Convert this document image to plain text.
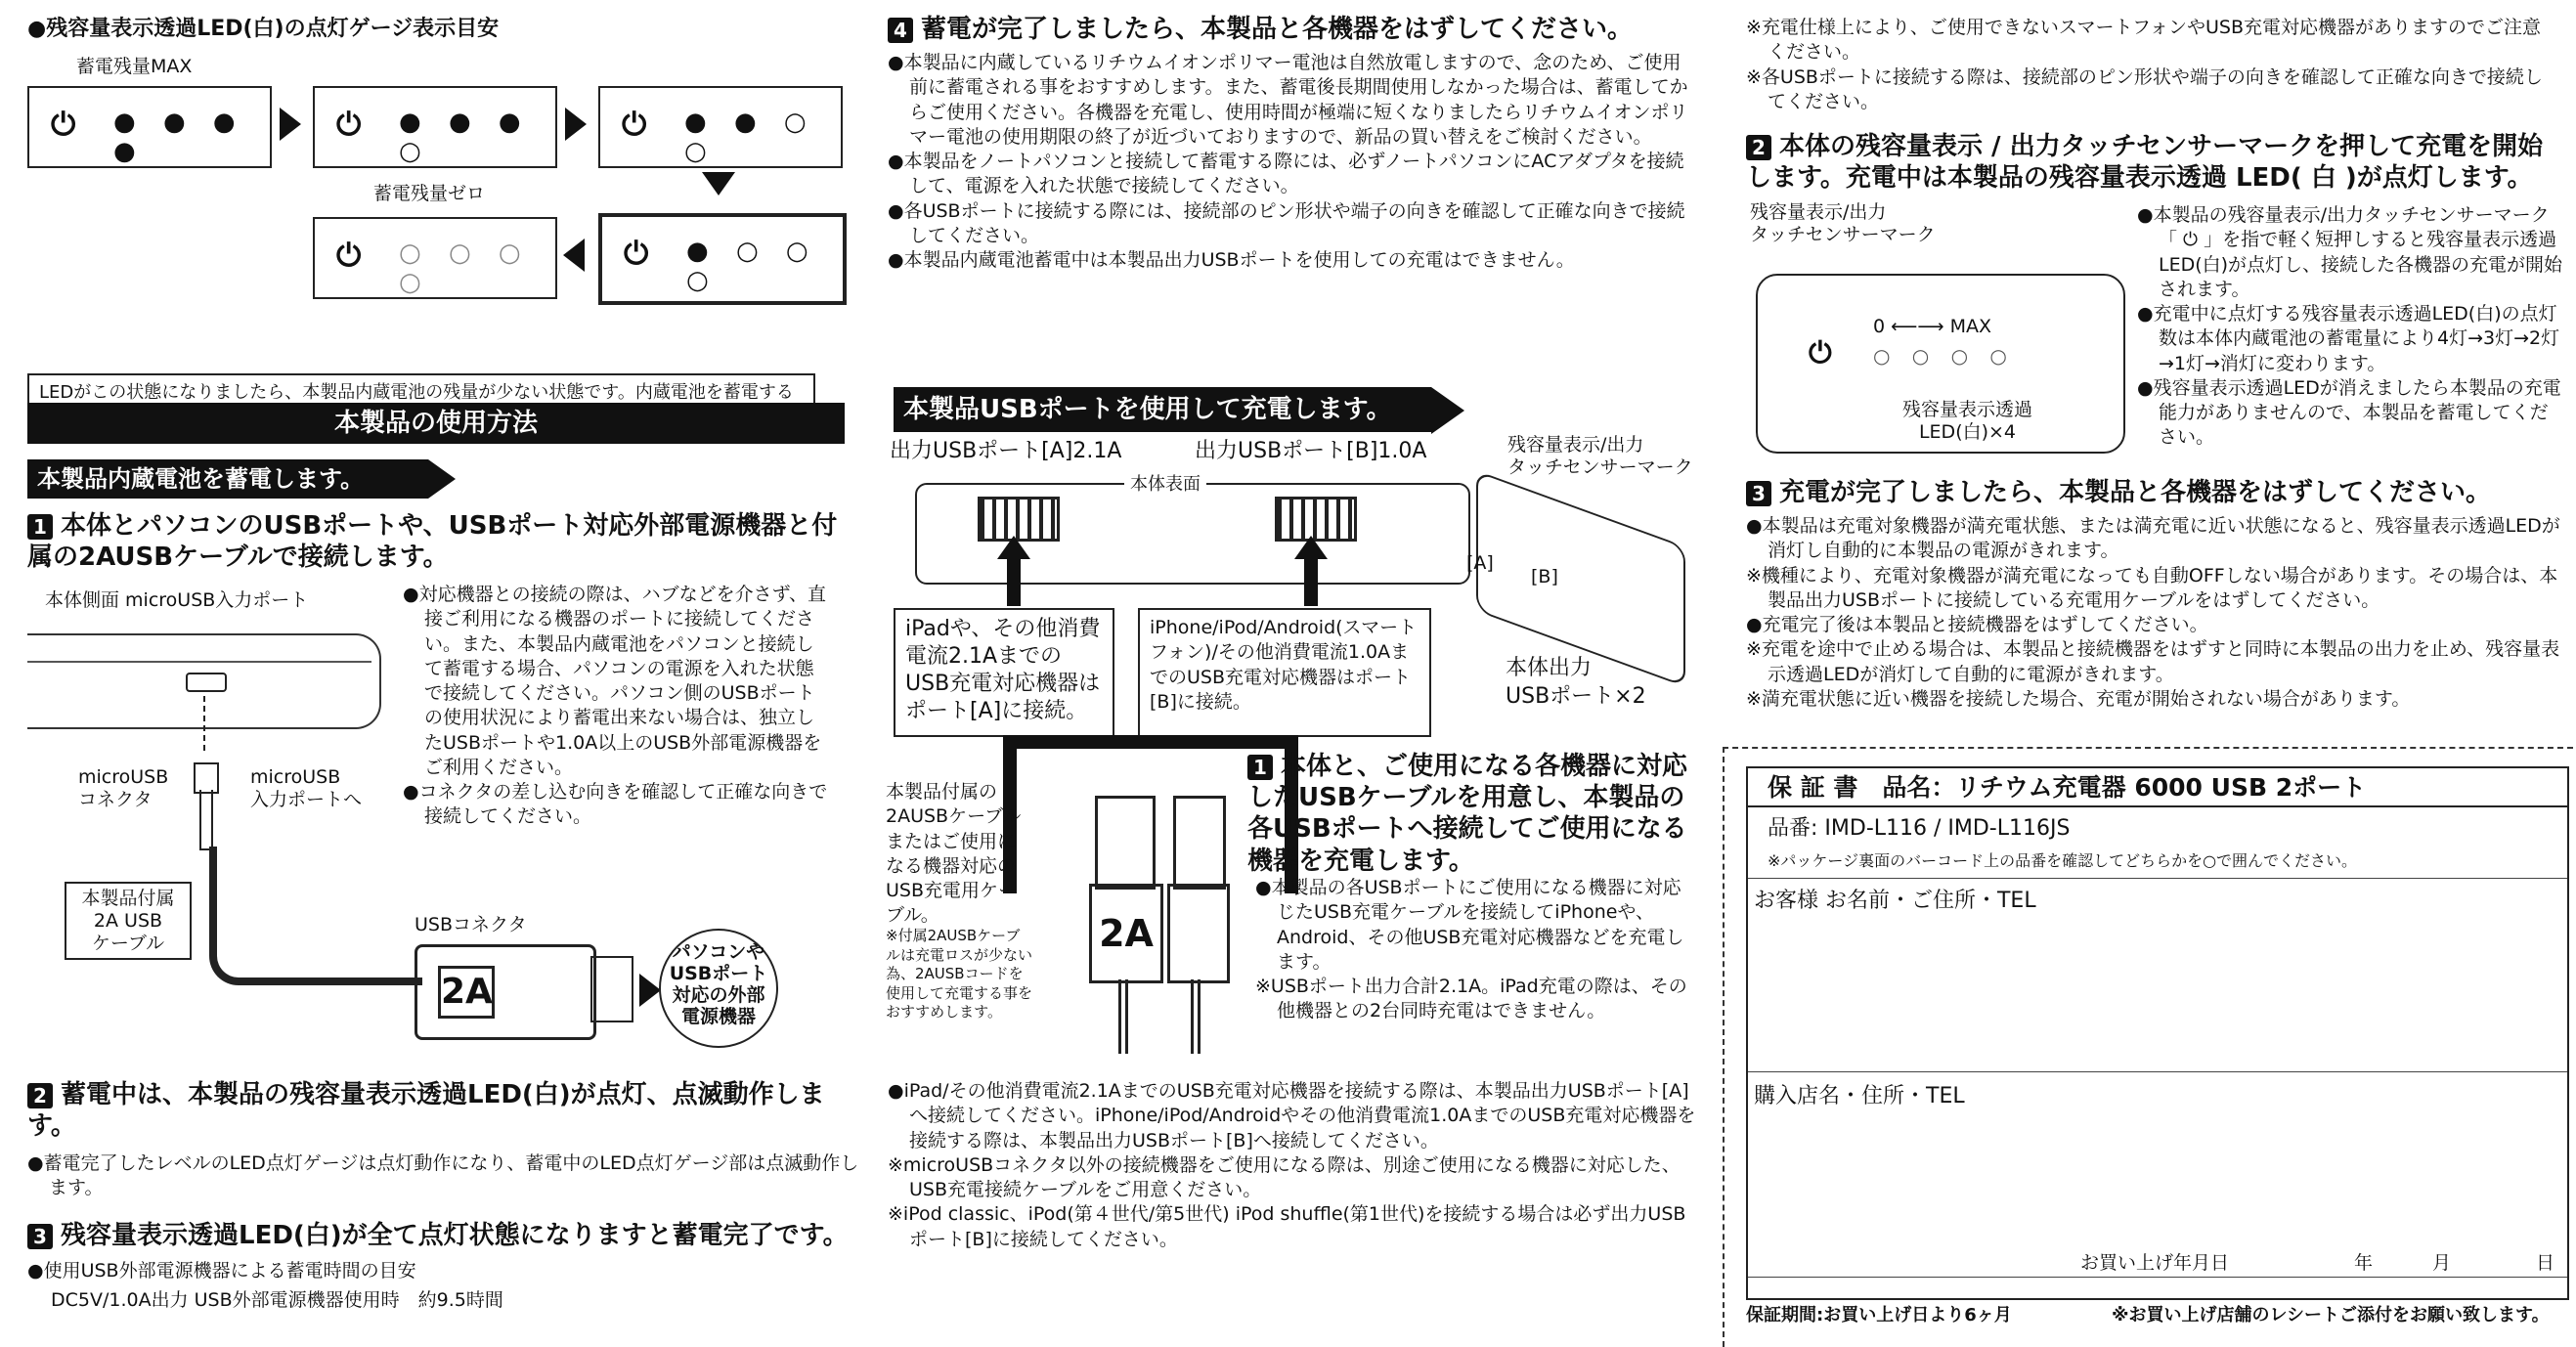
●残容量表示透過LED(白)の点灯ゲージ表示目安
蓄電残量MAX
⏻ ● ● ● ●
⏻ ● ● ● ○
⏻ ● ● ○ ○
蓄電残量ゼロ
⏻ ○ ○ ○ ○
⏻ ● ○ ○ ○
LEDがこの状態になりましたら、本製品内蔵電池の残量が少ない状態です。内蔵電池を蓄電する
本製品の使用方法
本製品内蔵電池を蓄電します。
1 本体とパソコンのUSBポートや、USBポート対応外部電源機器と付属の2AUSBケーブルで接続します。
本体側面 microUSB入力ポート
microUSB
コネクタ
microUSB
入力ポートへ
本製品付属
2A USB
ケーブル
USBコネクタ
2A
パソコンや
USBポート
対応の外部
電源機器
●対応機器との接続の際は、ハブなどを介さず、直接ご利用になる機器のポートに接続してください。また、本製品内蔵電池をパソコンと接続して蓄電する場合、パソコンの電源を入れた状態で接続してください。パソコン側のUSBポートの使用状況により蓄電出来ない場合は、独立したUSBポートや1.0A以上のUSB外部電源機器をご利用ください。
●コネクタの差し込む向きを確認して正確な向きで接続してください。
2 蓄電中は、本製品の残容量表示透過LED(白)が点灯、点滅動作します。
●蓄電完了したレベルのLED点灯ゲージは点灯動作になり、蓄電中のLED点灯ゲージ部は点滅動作します。
3 残容量表示透過LED(白)が全て点灯状態になりますと蓄電完了です。
●使用USB外部電源機器による蓄電時間の目安
DC5V/1.0A出力 USB外部電源機器使用時　約9.5時間
4 蓄電が完了しましたら、本製品と各機器をはずしてください。
●本製品に内蔵しているリチウムイオンポリマー電池は自然放電しますので、念のため、ご使用前に蓄電される事をおすすめします。また、蓄電後長期間使用しなかった場合は、蓄電してからご使用ください。各機器を充電し、使用時間が極端に短くなりましたらリチウムイオンポリマー電池の使用期限の終了が近づいておりますので、新品の買い替えをご検討ください。
●本製品をノートパソコンと接続して蓄電する際には、必ずノートパソコンにACアダプタを接続して、電源を入れた状態で接続してください。
●各USBポートに接続する際には、接続部のピン形状や端子の向きを確認して正確な向きで接続してください。
●本製品内蔵電池蓄電中は本製品出力USBポートを使用しての充電はできません。
本製品USBポートを使用して充電します。
出力USBポート[A]2.1A	出力USBポート[B]1.0A	残容量表示/出力
タッチセンサーマーク
本体表面
iPadや、その他消費電流2.1AまでのUSB充電対応機器はポート[A]に接続。
iPhone/iPod/Android(スマートフォン)/その他消費電流1.0AまでのUSB充電対応機器はポート[B]に接続。
[A]
[B]
本体出力
USBポート×2
本製品付属の2AUSBケーブルまたはご使用になる機器対応のUSB充電用ケーブル。
※付属2AUSBケーブルは充電ロスが少ない為、2AUSBコードを使用して充電する事をおすすめします。
2A
1 本体と、ご使用になる各機器に対応したUSBケーブルを用意し、本製品の各USBポートへ接続してご使用になる機器を充電します。
●本製品の各USBポートにご使用になる機器に対応じたUSB充電ケーブルを接続してiPhoneや、Android、その他USB充電対応機器などを充電します。
※USBポート出力合計2.1A。iPad充電の際は、その他機器との2台同時充電はできません。
●iPad/その他消費電流2.1AまでのUSB充電対応機器を接続する際は、本製品出力USBポート[A]へ接続してください。iPhone/iPod/Androidやその他消費電流1.0AまでのUSB充電対応機器を接続する際は、本製品出力USBポート[B]へ接続してください。
※microUSBコネクタ以外の接続機器をご使用になる際は、別途ご使用になる機器に対応した、USB充電接続ケーブルをご用意ください。
※iPod classic、iPod(第４世代/第5世代) iPod shuffle(第1世代)を接続する場合は必ず出力USBポート[B]に接続してください。
※充電仕様上により、ご使用できないスマートフォンやUSB充電対応機器がありますのでご注意ください。
※各USBポートに接続する際は、接続部のピン形状や端子の向きを確認して正確な向きで接続してください。
2 本体の残容量表示 / 出力タッチセンサーマークを押して充電を開始します。充電中は本製品の残容量表示透過 LED( 白 )が点灯します。
残容量表示/出力
タッチセンサーマーク
⏻
0 ⟵⟶ MAX
○ ○ ○ ○
残容量表示透過
LED(白)×4
●本製品の残容量表示/出力タッチセンサーマーク「 ⏻ 」を指で軽く短押しすると残容量表示透過LED(白)が点灯し、接続した各機器の充電が開始されます。
●充電中に点灯する残容量表示透過LED(白)の点灯数は本体内蔵電池の蓄電量により4灯→3灯→2灯→1灯→消灯に変わります。
●残容量表示透過LEDが消えましたら本製品の充電能力がありませんので、本製品を蓄電してください。
3 充電が完了しましたら、本製品と各機器をはずしてください。
●本製品は充電対象機器が満充電状態、または満充電に近い状態になると、残容量表示透過LEDが消灯し自動的に本製品の電源がきれます。
※機種により、充電対象機器が満充電になっても自動OFFしない場合があります。その場合は、本製品出力USBポートに接続している充電用ケーブルをはずしてください。
●充電完了後は本製品と接続機器をはずしてください。
※充電を途中で止める場合は、本製品と接続機器をはずすと同時に本製品の出力を止め、残容量表示透過LEDが消灯して自動的に電源がきれます。
※満充電状態に近い機器を接続した場合、充電が開始されない場合があります。
保 証 書　品名：リチウム充電器 6000 USB 2ポート
品番: IMD-L116 / IMD-L116JS
※パッケージ裏面のバーコード上の品番を確認してどちらかを○で囲んでください。
お客様 お名前・ご住所・TEL
購入店名・住所・TEL
お買い上げ年月日	年	月	日
保証期間:お買い上げ日より6ヶ月	※お買い上げ店舗のレシートご添付をお願い致します。
